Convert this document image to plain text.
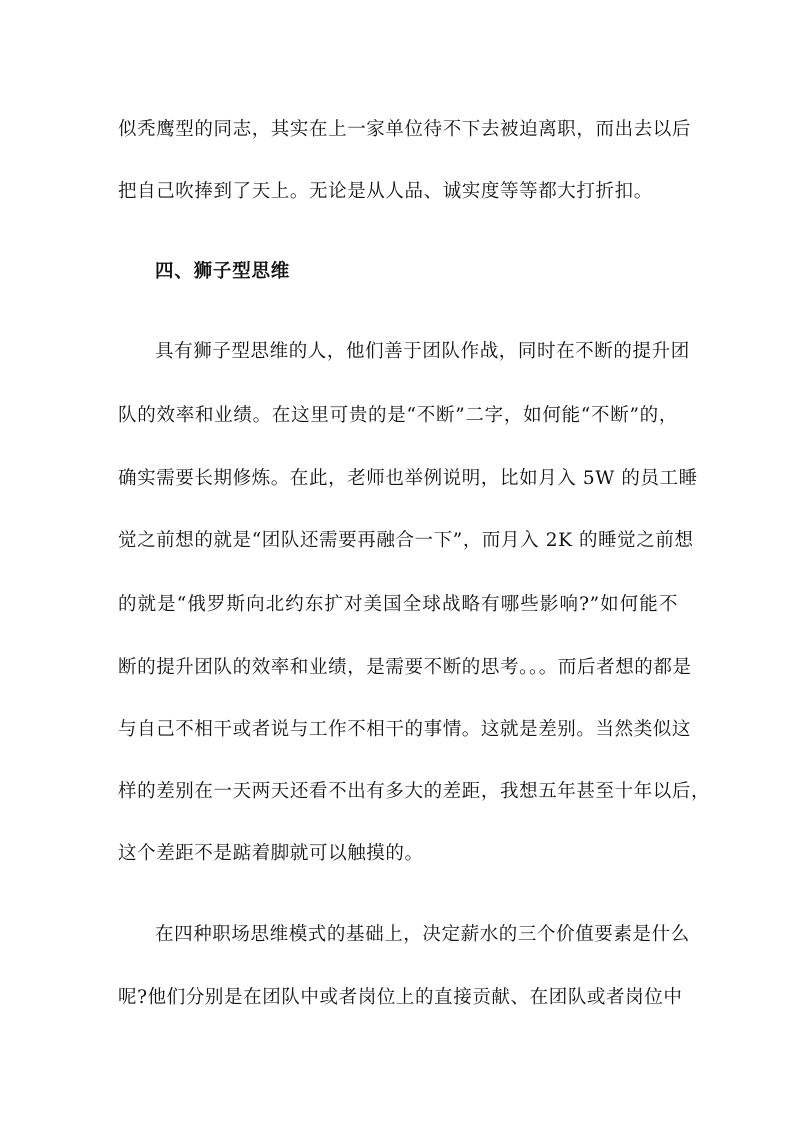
似秃鹰型的同志，其实在上一家单位待不下去被迫离职，而出去以后
把自己吹捧到了天上。无论是从人品、诚实度等等都大打折扣。
四、狮子型思维
具有狮子型思维的人，他们善于团队作战，同时在不断的提升团
队的效率和业绩。在这里可贵的是“不断”二字，如何能“不断”的，
确实需要长期修炼。在此，老师也举例说明，比如月入 5W 的员工睡
觉之前想的就是“团队还需要再融合一下”，而月入 2K 的睡觉之前想
的就是“俄罗斯向北约东扩对美国全球战略有哪些影响?”如何能不
断的提升团队的效率和业绩，是需要不断的思考。。。而后者想的都是
与自己不相干或者说与工作不相干的事情。这就是差别。当然类似这
样的差别在一天两天还看不出有多大的差距，我想五年甚至十年以后，
这个差距不是踮着脚就可以触摸的。
在四种职场思维模式的基础上，决定薪水的三个价值要素是什么
呢?他们分别是在团队中或者岗位上的直接贡献、在团队或者岗位中
